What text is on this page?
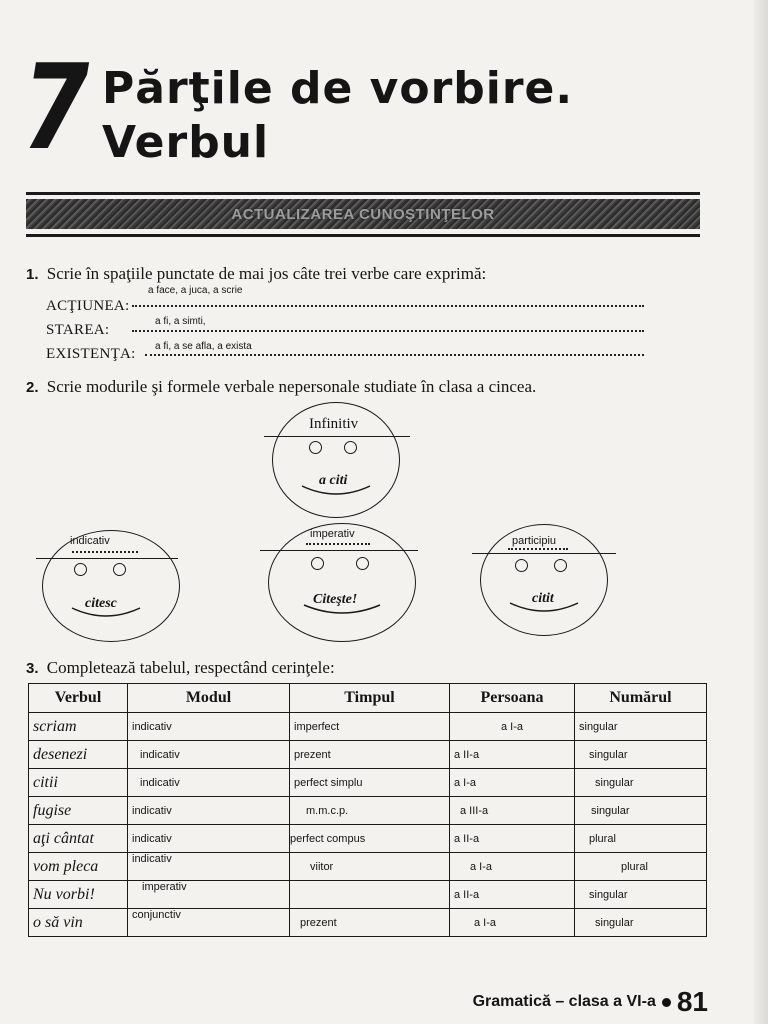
7 Părţile de vorbire.
Verbul
ACTUALIZAREA CUNOŞTINŢELOR
1. Scrie în spaţiile punctate de mai jos câte trei verbe care exprimă:
ACŢIUNEA:
a face, a juca, a scrie
STAREA:
a fi, a simti,
EXISTENŢA: a fi, a se afla, a exista
2. Scrie modurile şi formele verbale nepersonale studiate în clasa a cincea.
Infinitiv
a citi
indicativ
citesc
imperativ
Citeşte!
participiu
citit
3. Completează tabelul, respectând cerinţele:
Verbul	Modul	Timpul	Persoana	Numărul
scriam	indicativ	imperfect	a I-a	singular
desenezi	indicativ	prezent	a II-a	singular
citii	indicativ	perfect simplu	a I-a	singular
fugise	indicativ	m.m.c.p.	a III-a	singular
aţi cântat	indicativ	perfect compus	a II-a	plural
vom pleca	indicativ	viitor	a I-a	plural
Nu vorbi!	imperativ		a II-a	singular
o să vin	conjunctiv	prezent	a I-a	singular
Gramatică – clasa a VI-a 81
